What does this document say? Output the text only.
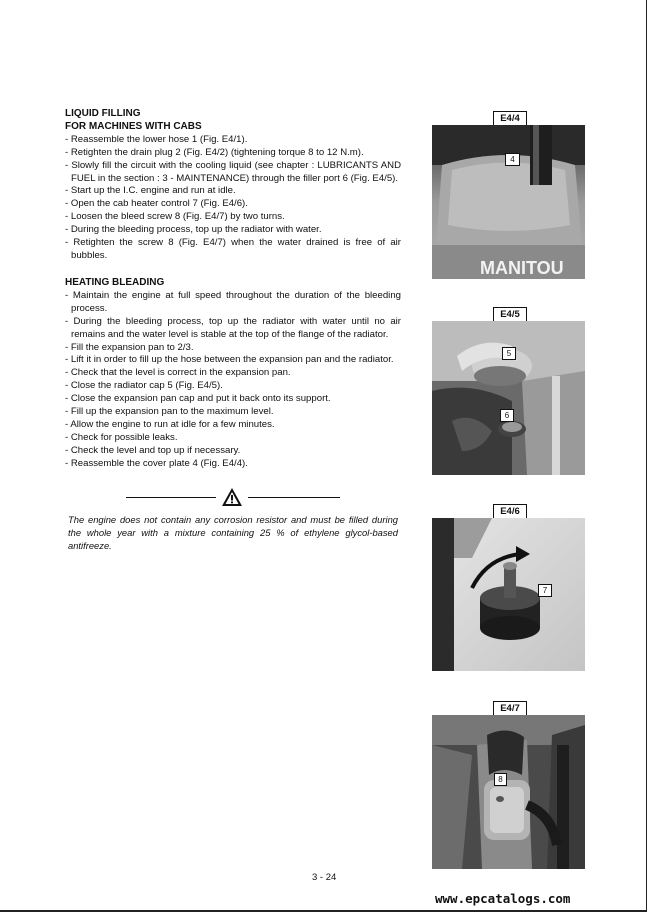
LIQUID FILLING
FOR MACHINES WITH CABS
- Reassemble the lower hose 1 (Fig. E4/1).
- Retighten the drain plug 2 (Fig. E4/2) (tightening torque 8 to 12 N.m).
- Slowly fill the circuit with the cooling liquid (see chapter : LUBRICANTS AND FUEL in the section : 3 - MAINTENANCE) through the filler port 6 (Fig. E4/5).
- Start up the I.C. engine and run at idle.
- Open the cab heater control 7 (Fig. E4/6).
- Loosen the bleed screw 8 (Fig. E4/7) by two turns.
- During the bleeding process, top up the radiator with water.
- Retighten the screw 8 (Fig. E4/7) when the water drained is free of air bubbles.
HEATING BLEADING
- Maintain the engine at full speed throughout the duration of the bleeding process.
- During the bleeding process, top up the radiator with water until no air remains and the water level is stable at the top of the flange of the radiator.
- Fill the expansion pan to 2/3.
- Lift it in order to fill up the hose between the expansion pan and the radiator.
- Check that the level is correct in the expansion pan.
- Close the radiator cap 5 (Fig. E4/5).
- Close the expansion pan cap and put it back onto its support.
- Fill up the expansion pan to the maximum level.
- Allow the engine to run at idle for a few minutes.
- Check for possible leaks.
- Check the level and top up if necessary.
- Reassemble the cover plate 4 (Fig. E4/4).
The engine does not contain any corrosion resistor and must be filled during the whole year with a mixture containing 25 % of ethylene glycol-based antifreeze.
E4/4
MANITOU
4
E4/5
5
6
E4/6
7
E4/7
8
3 - 24
www.epcatalogs.com
